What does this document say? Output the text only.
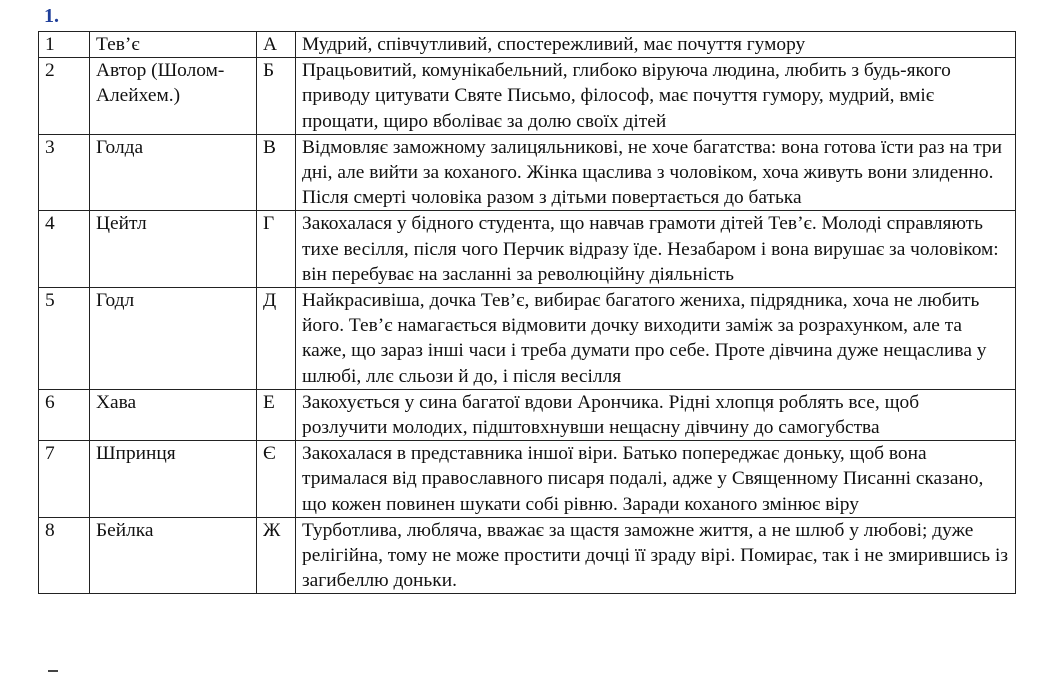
1.
1	Тев’є	А	Мудрий, співчутливий, спостережливий, має почуття гумору
2	Автор (Шолом-Алейхем.)	Б	Працьовитий, комунікабельний, глибоко віруюча людина, любить з будь-якого приводу цитувати Святе Письмо, філософ, має почуття гумору, мудрий, вміє прощати, щиро вболіває за долю своїх дітей
3	Голда	В	Відмовляє заможному залицяльникові, не хоче багатства: вона готова їсти раз на три дні, але вийти за коханого. Жінка щаслива з чоловіком, хоча живуть вони злиденно. Після смерті чоловіка разом з дітьми повертається до батька
4	Цейтл	Г	Закохалася у бідного студента, що навчав грамоти дітей Тев’є. Молоді справляють тихе весілля, після чого Перчик відразу їде. Незабаром і вона вирушає за чоловіком: він перебуває на засланні за революційну діяльність
5	Годл	Д	Найкрасивіша, дочка Тев’є, вибирає багатого жениха, підрядника, хоча не любить його. Тев’є намагається відмовити дочку виходити заміж за розрахунком, але та каже, що зараз інші часи і треба думати про себе. Проте дівчина дуже нещаслива у шлюбі, ллє сльози й до, і після весілля
6	Хава	Е	Закохується у сина багатої вдови Арончика. Рідні хлопця роблять все, щоб розлучити молодих, підштовхнувши нещасну дівчину до самогубства
7	Шпринця	Є	Закохалася в представника іншої віри. Батько попереджає доньку, щоб вона трималася від православного писаря подалі, адже у Священному Писанні сказано, що кожен повинен шукати собі рівню. Заради коханого змінює віру
8	Бейлка	Ж	Турботлива, любляча, вважає за щастя заможне життя, а не шлюб у любові; дуже релігійна, тому не може простити дочці її зраду вірі. Помирає, так і не змирившись із загибеллю доньки.
